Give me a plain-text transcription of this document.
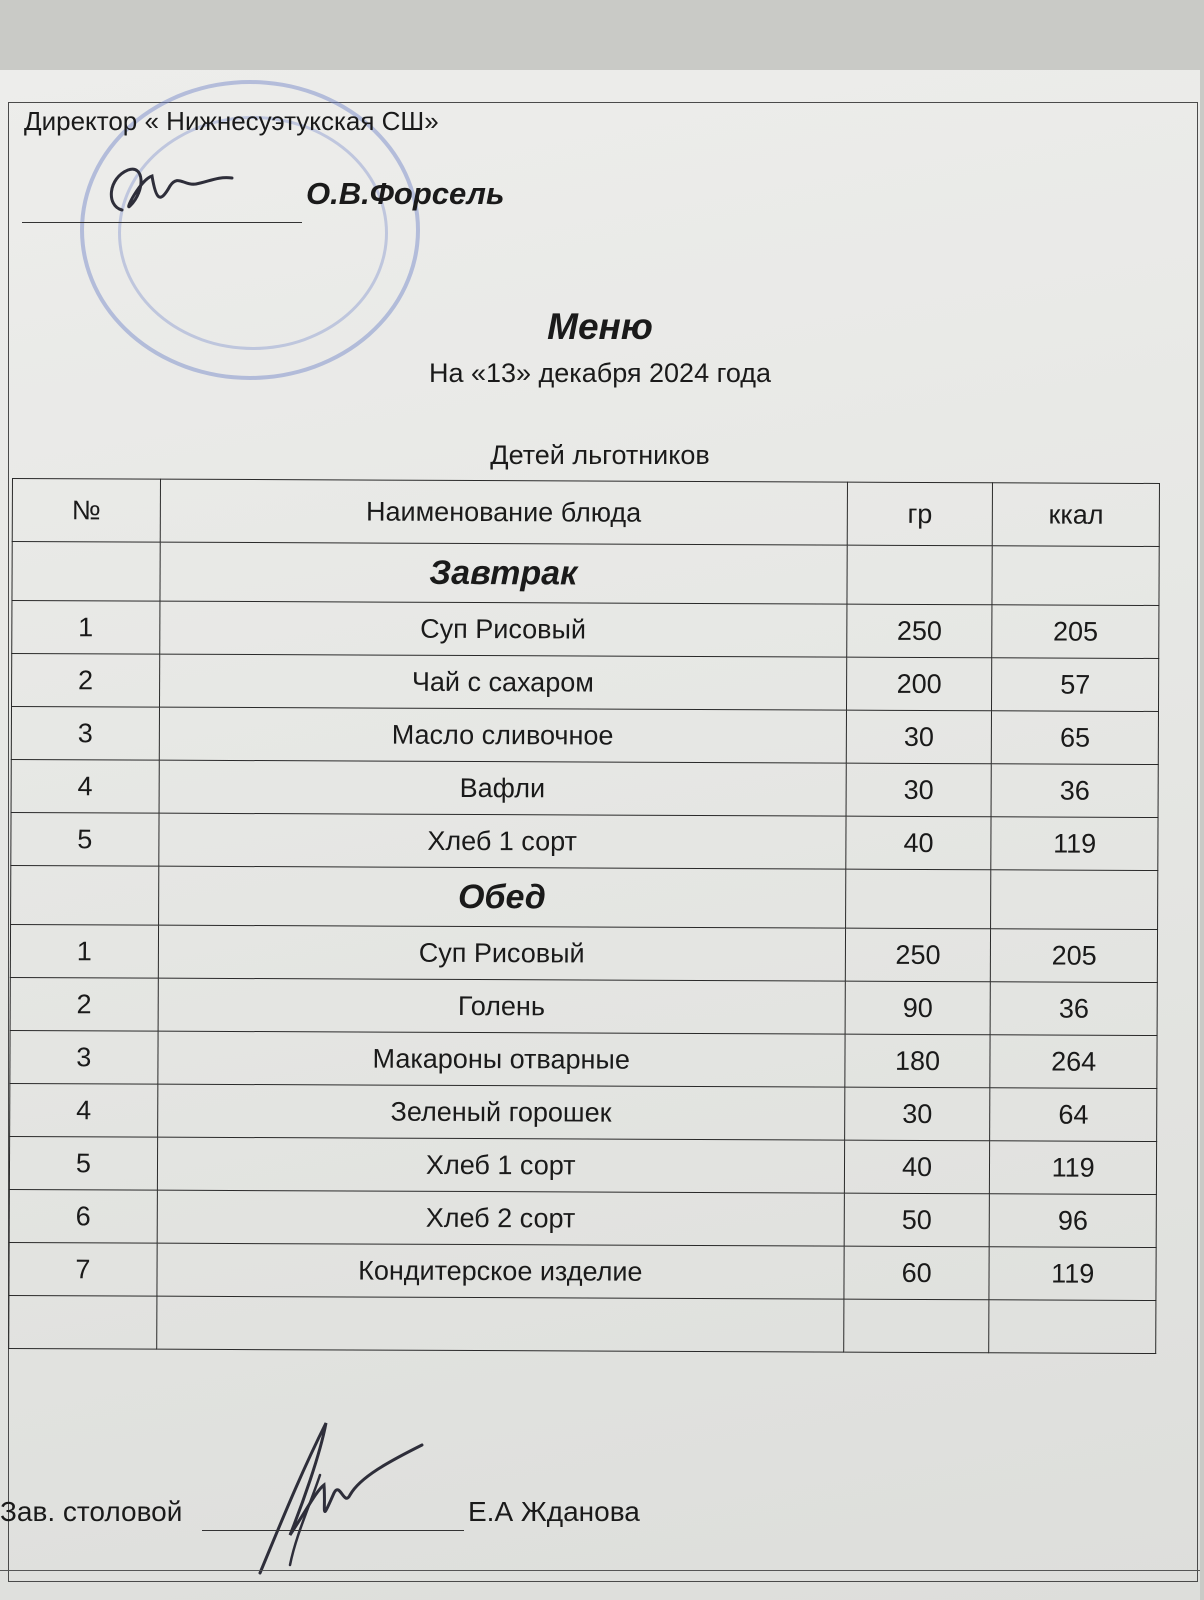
Директор « Нижнесуэтукская СШ»
О.В.Форсель
Меню
На «13» декабря 2024 года
Детей льготников
№	Наименование блюда	гр	ккал
	Завтрак		
1	Суп Рисовый	250	205
2	Чай с сахаром	200	57
3	Масло сливочное	30	65
4	Вафли	30	36
5	Хлеб 1 сорт	40	119
	Обед		
1	Суп Рисовый	250	205
2	Голень	90	36
3	Макароны отварные	180	264
4	Зеленый горошек	30	64
5	Хлеб 1 сорт	40	119
6	Хлеб 2 сорт	50	96
7	Кондитерское изделие	60	119

Зав. столовой	Е.А Жданова
